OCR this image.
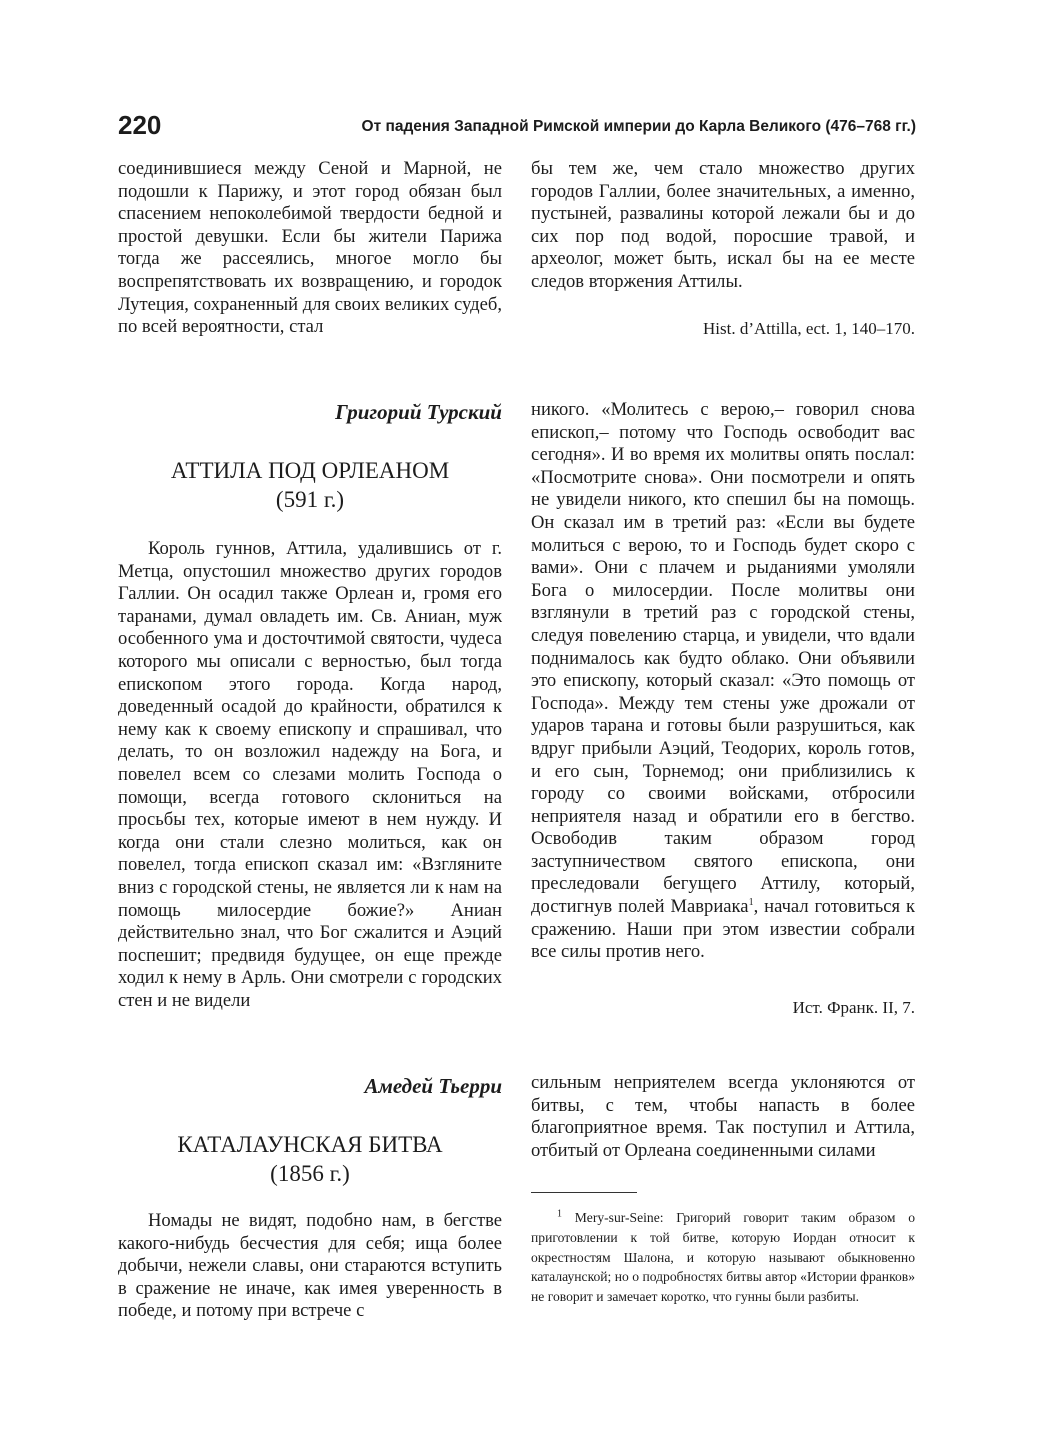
220	От падения Западной Римской империи до Карла Великого (476–768 гг.)

соединившиеся между Сеной и Марной, не подошли к Парижу, и этот город обязан был спасением непоколебимой твердости бедной и простой девушки. Если бы жители Парижа тогда же рассеялись, многое могло бы воспрепятствовать их возвращению, и городок Лутеция, сохраненный для своих великих судеб, по всей вероятности, стал

бы тем же, чем стало множество других городов Галлии, более значительных, а именно, пустыней, развалины которой лежали бы и до сих пор под водой, поросшие травой, и археолог, может быть, искал бы на ее месте следов вторжения Аттилы.

Hist. d’Attilla, ect. 1, 140–170.
Григорий Турский
АТТИЛА ПОД ОРЛЕАНОМ
(591 г.)

Король гуннов, Аттила, удалившись от г. Метца, опустошил множество других городов Галлии. Он осадил также Орлеан и, громя его таранами, думал овладеть им. Св. Аниан, муж особенного ума и досточтимой святости, чудеса которого мы описали с верностью, был тогда епископом этого города. Когда народ, доведенный осадой до крайности, обратился к нему как к своему епископу и спрашивал, что делать, то он возложил надежду на Бога, и повелел всем со слезами молить Господа о помощи, всегда готового склониться на просьбы тех, которые имеют в нем нужду. И когда они стали слезно молиться, как он повелел, тогда епископ сказал им: «Взгляните вниз с городской стены, не является ли к нам на помощь милосердие божие?» Аниан действительно знал, что Бог сжалится и Аэций поспешит; предвидя будущее, он еще прежде ходил к нему в Арль. Они смотрели с городских стен и не видели

никого. «Молитесь с верою,– говорил снова епископ,– потому что Господь освободит вас сегодня». И во время их молитвы опять послал: «Посмотрите снова». Они посмотрели и опять не увидели никого, кто спешил бы на помощь. Он сказал им в третий раз: «Если вы будете молиться с верою, то и Господь будет скоро с вами». Они с плачем и рыданиями умоляли Бога о милосердии. После молитвы они взглянули в третий раз с городской стены, следуя повелению старца, и увидели, что вдали поднималось как будто облако. Они объявили это епископу, который сказал: «Это помощь от Господа». Между тем стены уже дрожали от ударов тарана и готовы были разрушиться, как вдруг прибыли Аэций, Теодорих, король готов, и его сын, Торнемод; они приблизились к городу со своими войсками, отбросили неприятеля назад и обратили его в бегство. Освободив таким образом город заступничеством святого епископа, они преследовали бегущего Аттилу, который, достигнув полей Мавриака$^1$, начал готовиться к сражению. Наши при этом известии собрали все силы против него.

Ист. Франк. II, 7.
Амедей Тьерри
КАТАЛАУНСКАЯ БИТВА
(1856 г.)

Номады не видят, подобно нам, в бегстве какого-нибудь бесчестия для себя; ища более добычи, нежели славы, они стараются вступить в сражение не иначе, как имея уверенность в победе, и потому при встрече с

сильным неприятелем всегда уклоняются от битвы, с тем, чтобы напасть в более благоприятное время. Так поступил и Аттила, отбитый от Орлеана соединенными силами

$^1$ Mery-sur-Seine: Григорий говорит таким образом о приготовлении к той битве, которую Иордан относит к окрестностям Шалона, и которую называют обыкновенно каталаунской; но о подробностях битвы автор «Истории франков» не говорит и замечает коротко, что гунны были разбиты.
